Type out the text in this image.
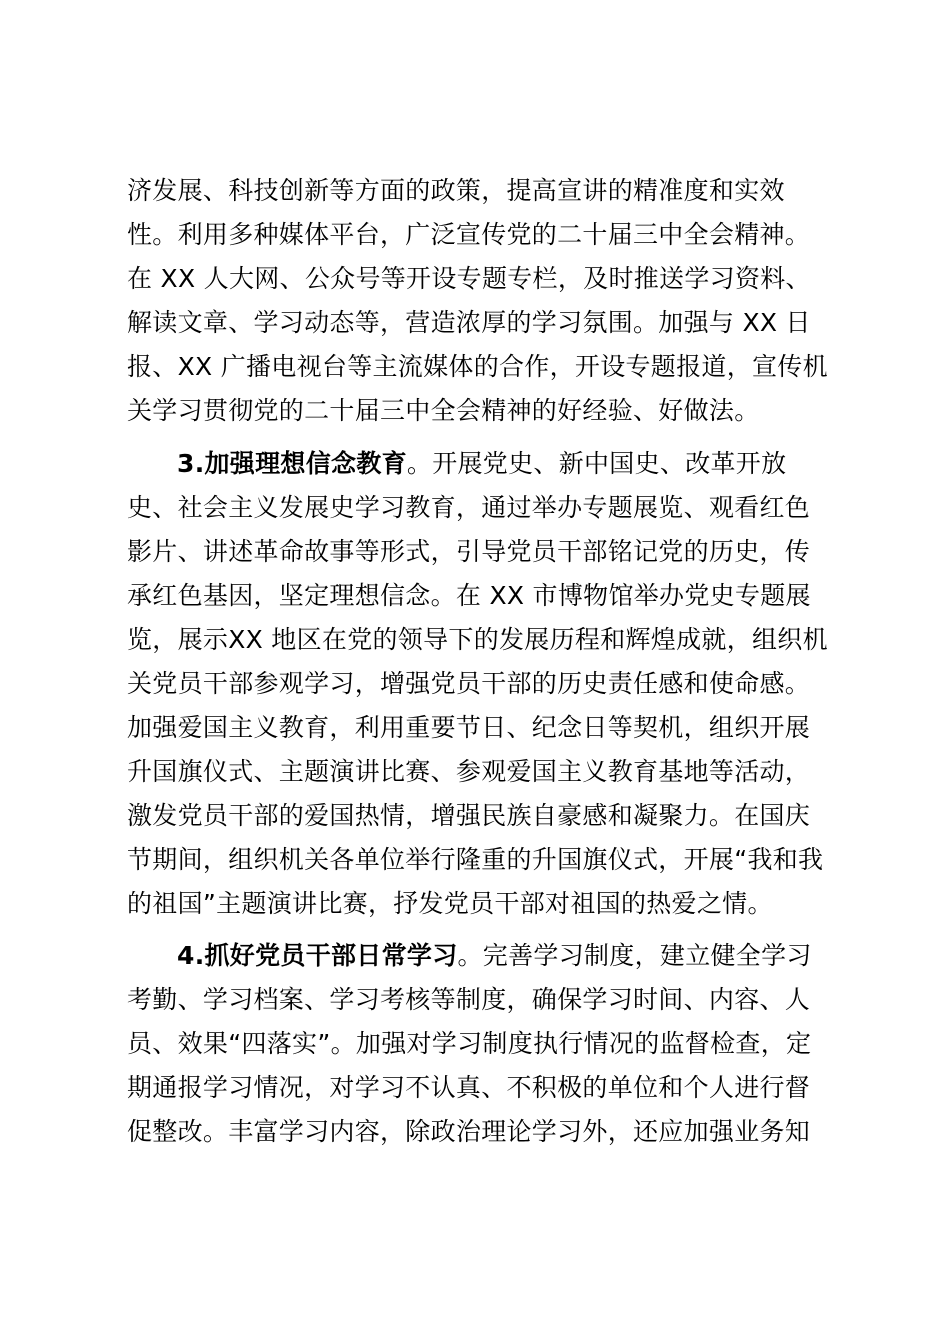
济发展、科技创新等方面的政策，提高宣讲的精准度和实效
性。利用多种媒体平台，广泛宣传党的二十届三中全会精神。
在 XX 人大网、公众号等开设专题专栏，及时推送学习资料、
解读文章、学习动态等，营造浓厚的学习氛围。加强与 XX 日
报、XX 广播电视台等主流媒体的合作，开设专题报道，宣传机
关学习贯彻党的二十届三中全会精神的好经验、好做法。
3.加强理想信念教育。开展党史、新中国史、改革开放
史、社会主义发展史学习教育，通过举办专题展览、观看红色
影片、讲述革命故事等形式，引导党员干部铭记党的历史，传
承红色基因，坚定理想信念。在 XX 市博物馆举办党史专题展
览，展示XX 地区在党的领导下的发展历程和辉煌成就，组织机
关党员干部参观学习，增强党员干部的历史责任感和使命感。
加强爱国主义教育，利用重要节日、纪念日等契机，组织开展
升国旗仪式、主题演讲比赛、参观爱国主义教育基地等活动，
激发党员干部的爱国热情，增强民族自豪感和凝聚力。在国庆
节期间，组织机关各单位举行隆重的升国旗仪式，开展“我和我
的祖国”主题演讲比赛，抒发党员干部对祖国的热爱之情。
4.抓好党员干部日常学习。完善学习制度，建立健全学习
考勤、学习档案、学习考核等制度，确保学习时间、内容、人
员、效果“四落实”。加强对学习制度执行情况的监督检查，定
期通报学习情况，对学习不认真、不积极的单位和个人进行督
促整改。丰富学习内容，除政治理论学习外，还应加强业务知
